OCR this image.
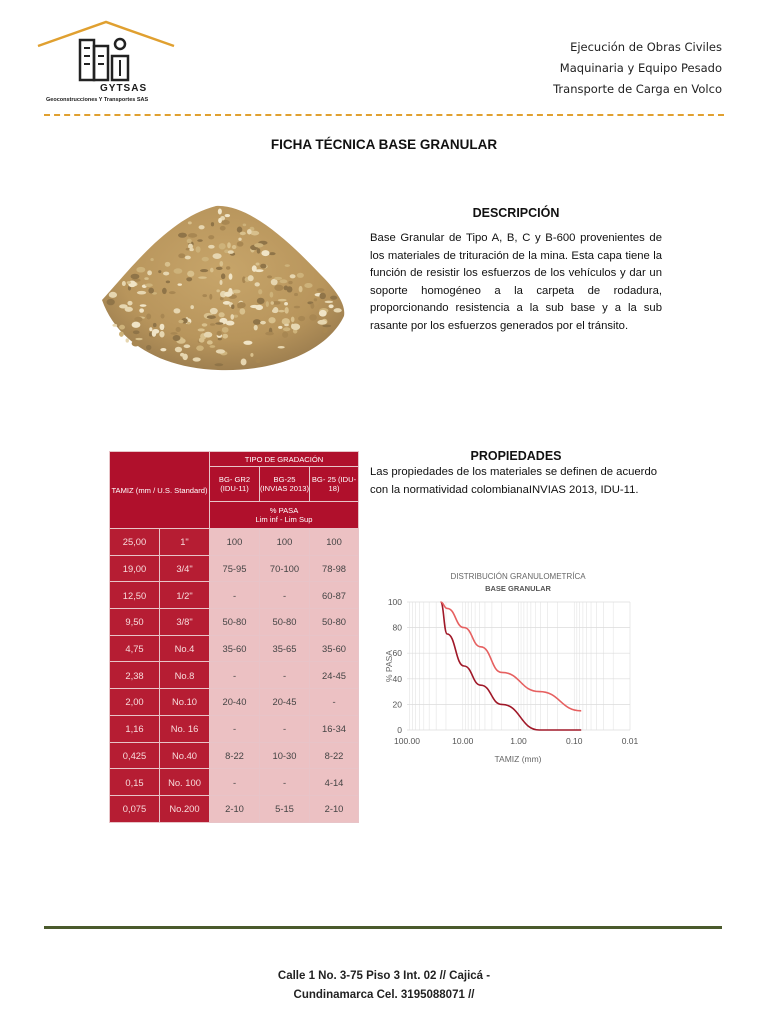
GYTSAS
Geoconstrucciones Y Transportes SAS
Ejecución de Obras Civiles
Maquinaria y Equipo Pesado
Transporte de Carga en Volco
FICHA TÉCNICA BASE GRANULAR
DESCRIPCIÓN
Base Granular de Tipo A, B, C y B-600 provenientes de los materiales de trituración de la mina. Esta capa tiene la función de resistir los esfuerzos de los vehículos y dar un soporte homogéneo a la carpeta de rodadura, proporcionando resistencia a la sub base y a la sub rasante por los esfuerzos generados por el tránsito.
TAMIZ (mm / U.S. Standard)		TIPO DE GRADACIÓN		
		BG- GR2 (IDU-11)	BG-25 (INVIAS 2013)	BG- 25 (IDU-18)

		% PASA
Lim inf - Lim Sup		

25,00	1"	100	100	100
19,00	3/4"	75-95	70-100	78-98
12,50	1/2"	-	-	60-87
9,50	3/8"	50-80	50-80	50-80
4,75	No.4	35-60	35-65	35-60
2,38	No.8	-	-	24-45
2,00	No.10	20-40	20-45	-
1,16	No. 16	-	-	16-34
0,425	No.40	8-22	10-30	8-22
0,15	No. 100	-	-	4-14
0,075	No.200	2-10	5-15	2-10
PROPIEDADES
Las propiedades de los materiales se definen de acuerdo con la normatividad colombianaINVIAS 2013, IDU-11.
0
20
40
60
80
100
100.00	10.00	1.00	0.10	0.01
DISTRIBUCIÓN GRANULOMETRÍCA
BASE GRANULAR
TAMIZ (mm)
% PASA
Calle 1 No. 3-75 Piso 3 Int. 02 // Cajicá -
Cundinamarca Cel. 3195088071 //
